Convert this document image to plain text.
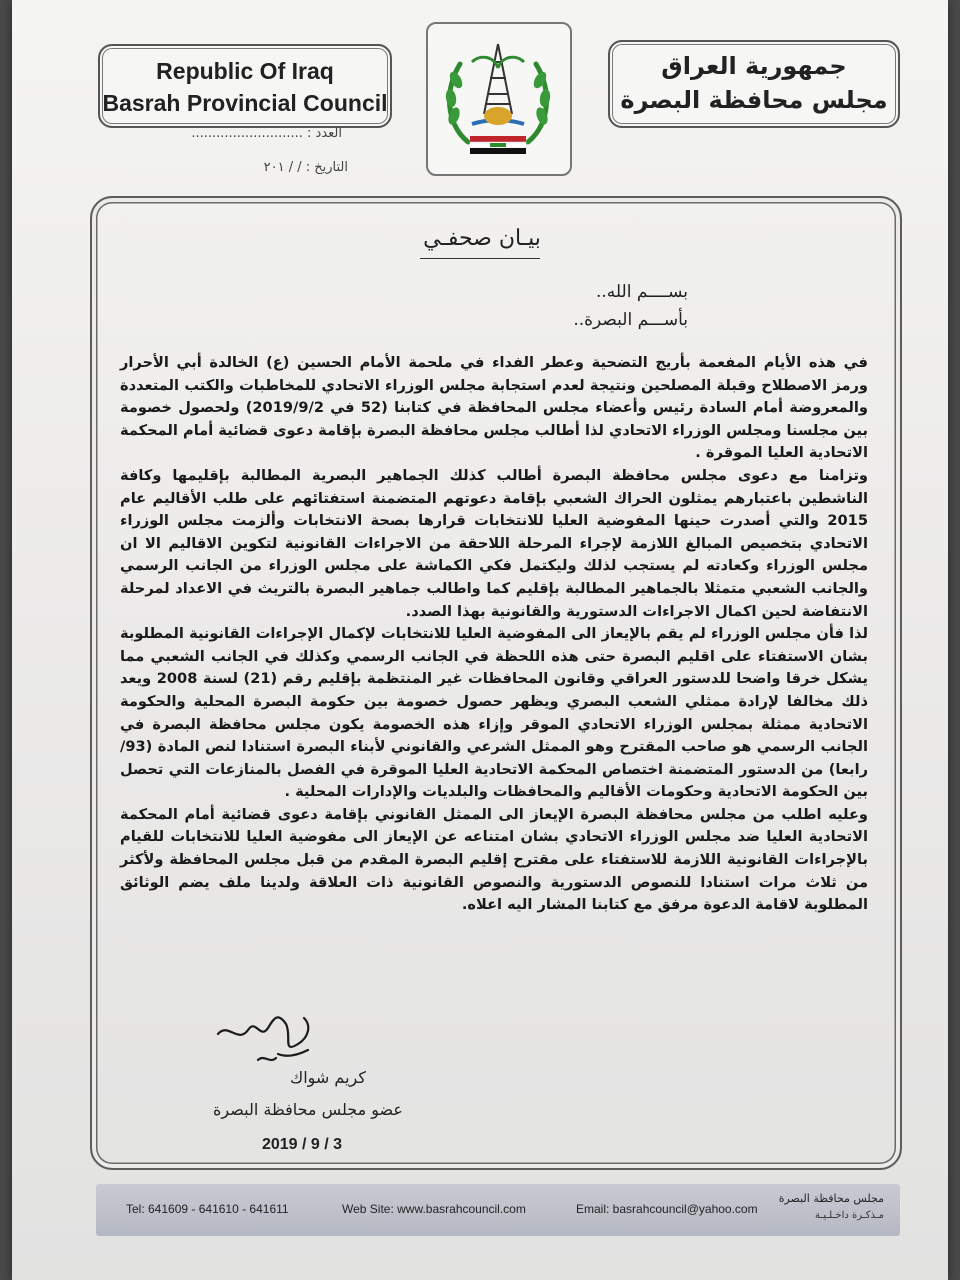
Republic Of Iraq
Basrah Provincial Council
جمهورية العراق
مجلس محافظة البصرة
العدد : ...........................
التاريخ : / / ٢٠١
بيـان صحفـي
بســــم الله..
بأســـم البصرة..

في هذه الأيام المفعمة بأريج التضحية وعطر الفداء في ملحمة الأمام الحسين (ع) الخالدة أبي الأحرار ورمز الاصطلاح وقبلة المصلحين ونتيجة لعدم استجابة مجلس الوزراء الاتحادي للمخاطبات والكتب المتعددة والمعروضة أمام السادة رئيس وأعضاء مجلس المحافظة في كتابنا (52 في 2019/9/2) ولحصول خصومة بين مجلسنا ومجلس الوزراء الاتحادي لذا أطالب مجلس محافظة البصرة بإقامة دعوى قضائية أمام المحكمة الاتحادية العليا الموقرة .

وتزامنا مع دعوى مجلس محافظة البصرة أطالب كذلك الجماهير البصرية المطالبة بإقليمها وكافة الناشطين باعتبارهم يمثلون الحراك الشعبي بإقامة دعوتهم المتضمنة استفتائهم على طلب الأقاليم عام 2015 والتي أصدرت حينها المفوضية العليا للانتخابات قرارها بصحة الانتخابات وألزمت مجلس الوزراء الاتحادي بتخصيص المبالغ اللازمة لإجراء المرحلة اللاحقة من الاجراءات القانونية لتكوين الاقاليم الا ان مجلس الوزراء وكعادته لم يستجب لذلك وليكتمل فكي الكماشة على مجلس الوزراء من الجانب الرسمي والجانب الشعبي متمثلا بالجماهير المطالبة بإقليم كما واطالب جماهير البصرة بالتريث في الاعداد لمرحلة الانتفاضة لحين اكمال الاجراءات الدستورية والقانونية بهذا الصدد.

لذا فأن مجلس الوزراء لم يقم بالإيعاز الى المفوضية العليا للانتخابات لإكمال الإجراءات القانونية المطلوبة بشان الاستفتاء على اقليم البصرة حتى هذه اللحظة في الجانب الرسمي وكذلك في الجانب الشعبي مما يشكل خرقا واضحا للدستور العراقي وقانون المحافظات غير المنتظمة بإقليم رقم (21) لسنة 2008 ويعد ذلك مخالفا لإرادة ممثلي الشعب البصري ويظهر حصول خصومة بين حكومة البصرة المحلية والحكومة الاتحادية ممثلة بمجلس الوزراء الاتحادي الموقر وإزاء هذه الخصومة يكون مجلس محافظة البصرة في الجانب الرسمي هو صاحب المقترح وهو الممثل الشرعي والقانوني لأبناء البصرة استنادا لنص المادة (93/رابعا) من الدستور المتضمنة اختصاص المحكمة الاتحادية العليا الموقرة في الفصل بالمنازعات التي تحصل بين الحكومة الاتحادية وحكومات الأقاليم والمحافظات والبلديات والإدارات المحلية .

وعليه اطلب من مجلس محافظة البصرة الإيعاز الى الممثل القانوني بإقامة دعوى قضائية أمام المحكمة الاتحادية العليا ضد مجلس الوزراء الاتحادي بشان امتناعه عن الإيعاز الى مفوضية العليا للانتخابات للقيام بالإجراءات القانونية اللازمة للاستفتاء على مقترح إقليم البصرة المقدم من قبل مجلس المحافظة ولأكثر من ثلاث مرات استنادا للنصوص الدستورية والنصوص القانونية ذات العلاقة ولدينا ملف يضم الوثائق المطلوبة لاقامة الدعوة مرفق مع كتابنا المشار اليه اعلاه.

كريم شواك
عضو مجلس محافظة البصرة
2019 / 9 / 3
Tel: 641609 - 641610 - 641611	Web Site: www.basrahcouncil.com	Email: basrahcouncil@yahoo.com
مجلس محافظة البصرة
مـذكـرة داخـلـيـة
